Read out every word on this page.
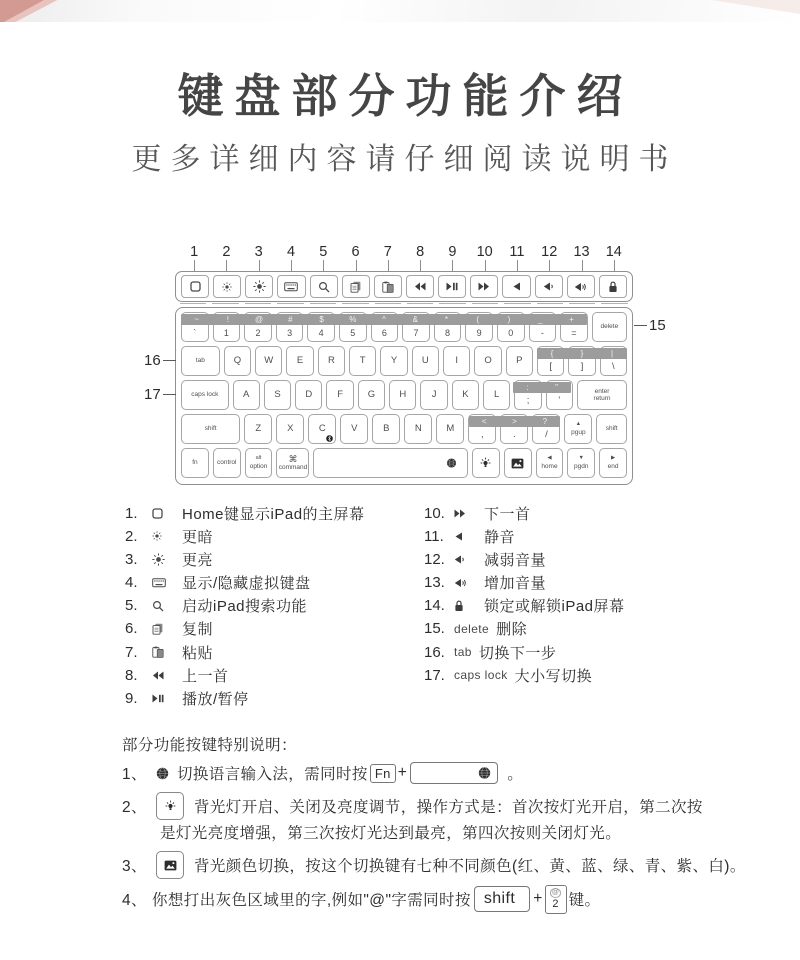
键盘部分功能介绍
更多详细内容请仔细阅读说明书
1	2	3	4	5	6	7	8	9	10	11	12	13	14
`	1	2	3	4	5	6	7	8	9	0	-	=
delete
~	!	@	#	$	%	^	&	*	(	)	_	+
tab	Q W E	R	T	Y	U	I	O	P
[	]	\
{	}	|
caps lock	A	S	D	F	G	H	J	K	L
;	'
enter
return
:	"
shift	Z	X	C	V	B	N	M
,	.	/
▲
pgup	shift
<	>	?
fn	control
alt
option
⌘
command
◀
home
▼
pgdn
▶
end
15
16
17
1.	Home键显示iPad的主屏幕
2.	更暗
3.	更亮
4.	显示/隐藏虚拟键盘
5.	启动iPad搜索功能
6.	复制
7.	粘贴
8.	上一首
9.	播放/暂停
10.	下一首
11.	静音
12.	减弱音量
13.	增加音量
14.	锁定或解锁iPad屏幕
15. delete 删除
16. tab 切换下一步
17. caps lock 大小写切换
部分功能按键特别说明：
1、	切换语言输入法，需同时按 Fn +	。
2、	背光灯开启、关闭及亮度调节，操作方式是：首次按灯光开启，第二次按
是灯光亮度增强，第三次按灯光达到最亮，第四次按则关闭灯光。
3、	背光颜色切换，按这个切换键有七种不同颜色(红、黄、蓝、绿、青、紫、白)。
4、 你想打出灰色区域里的字,例如"@"字需同时按 shift	+ @
2 键。
